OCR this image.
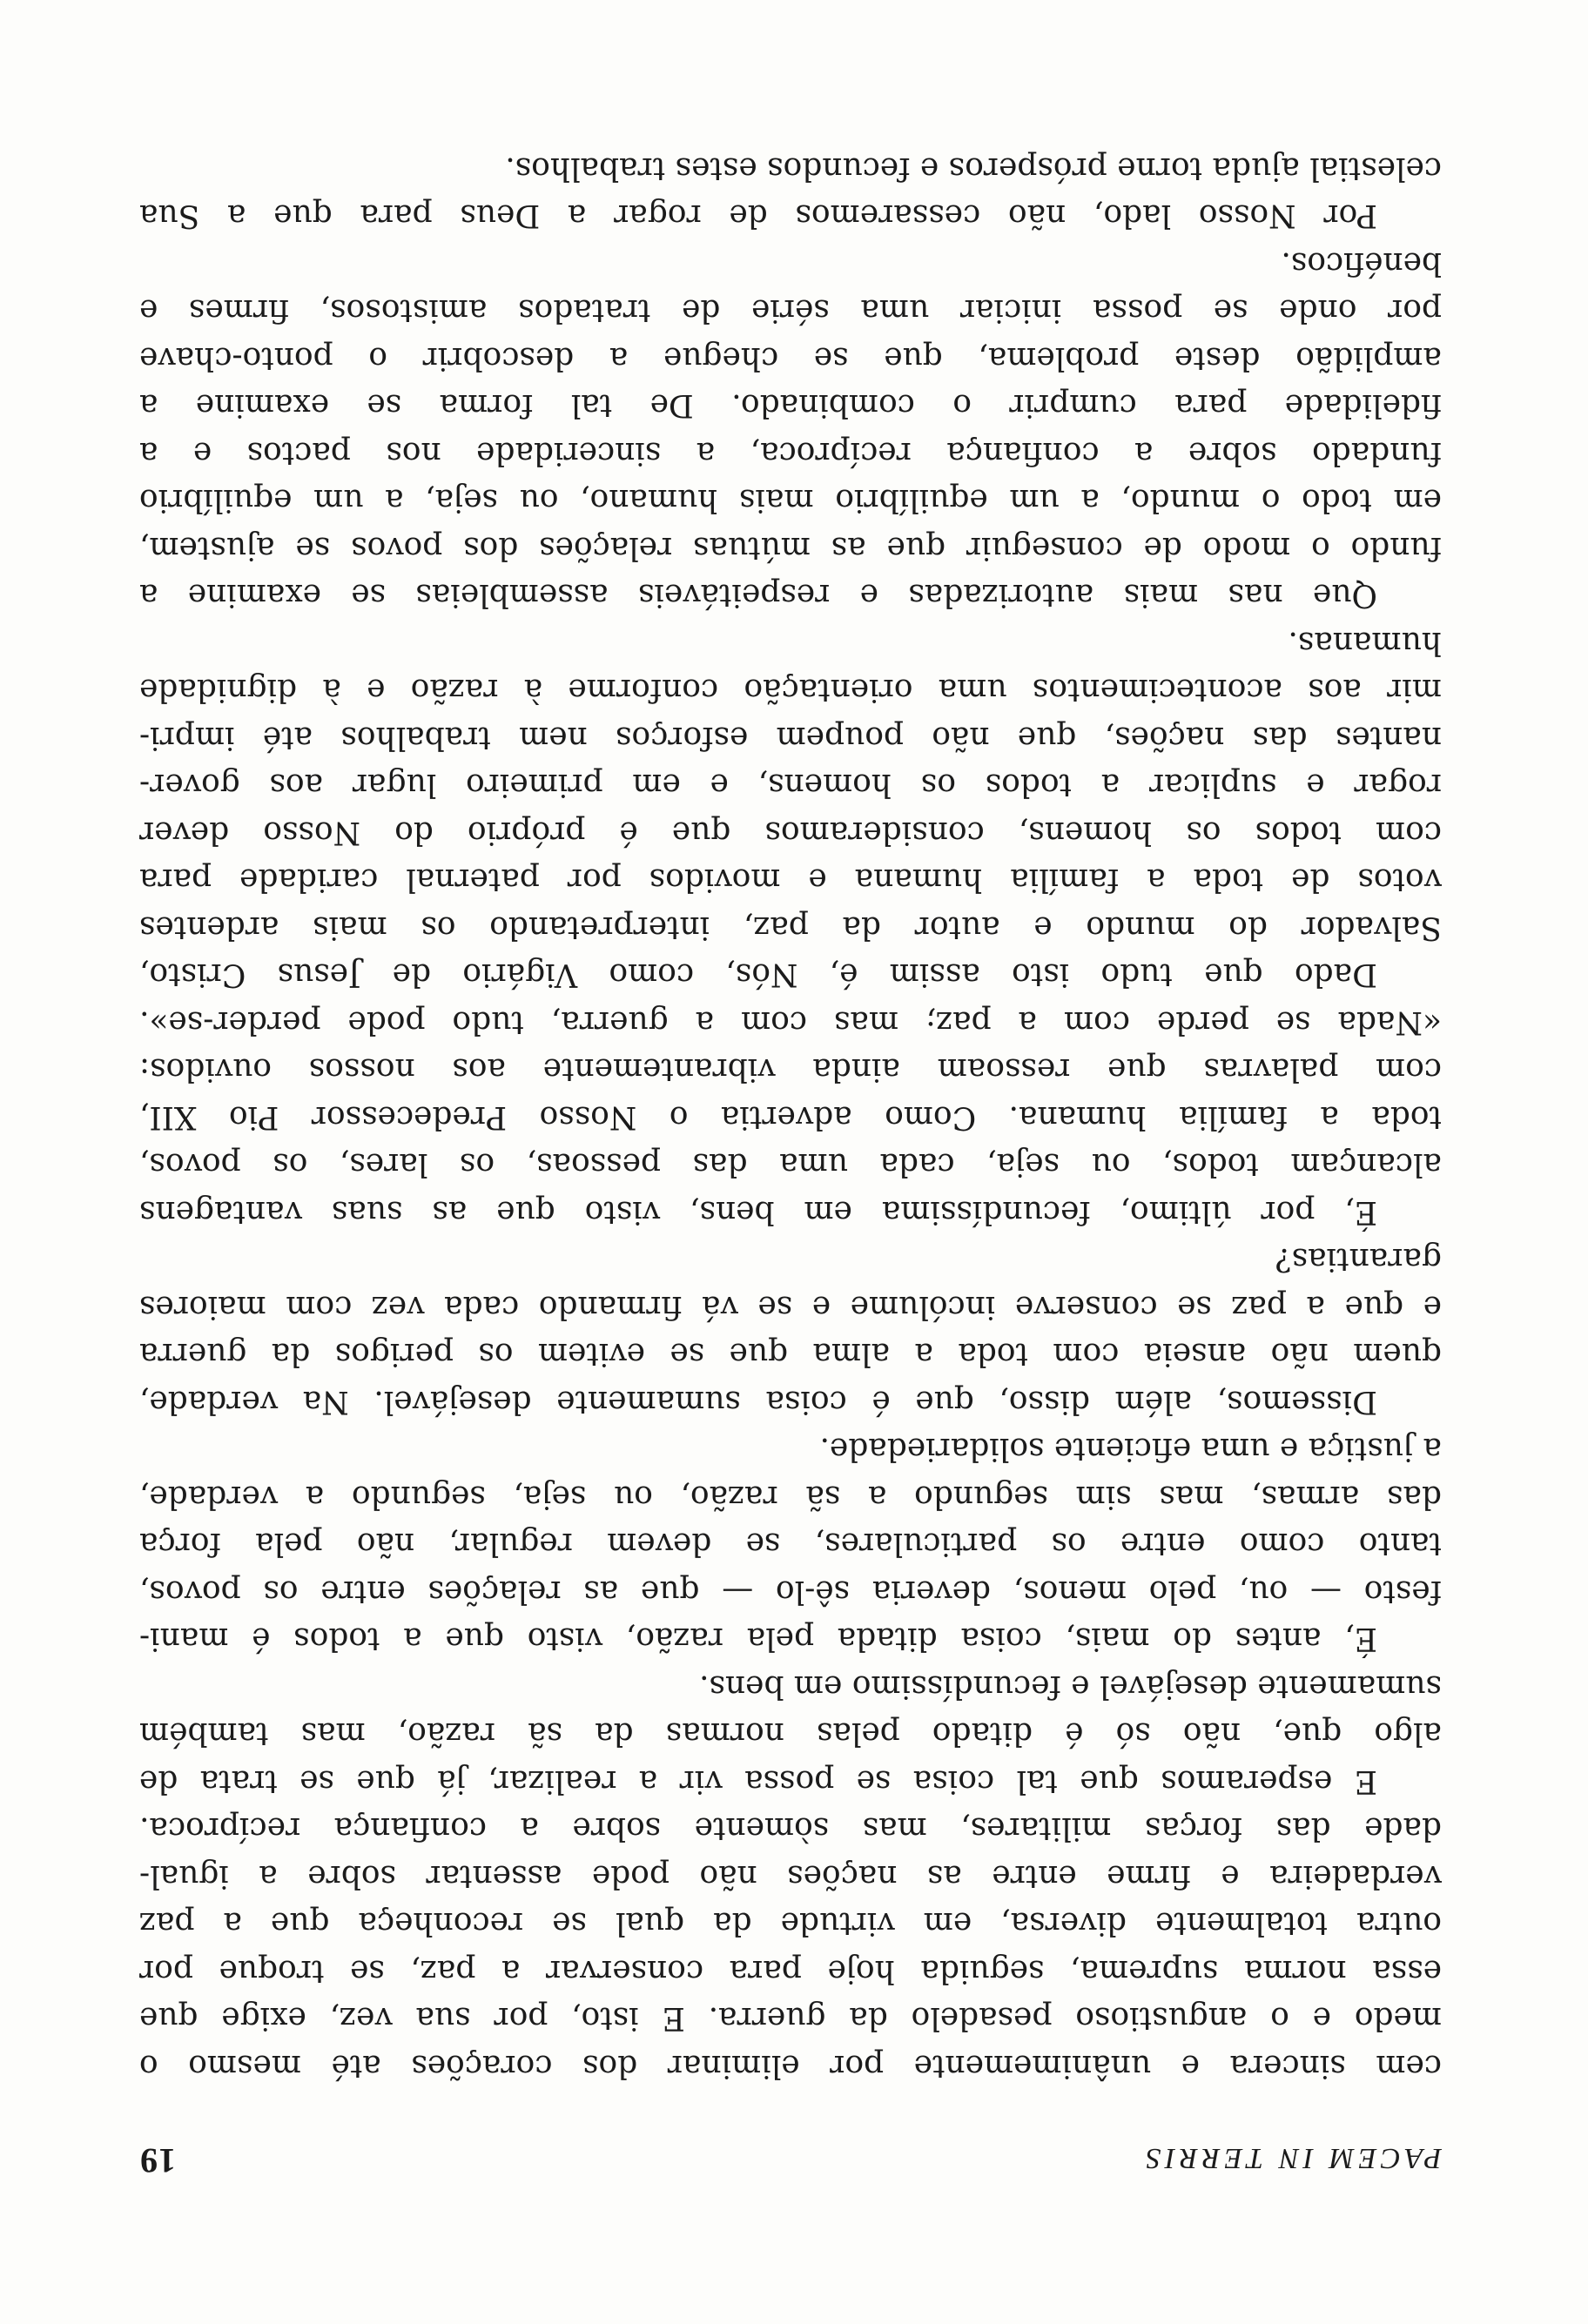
PACEM IN TERRIS
19
cem sincera e unânimemente por eliminar dos corações até mesmo o
medo e o angustioso pesadelo da guerra. E isto, por sua vez, exige que
essa norma suprema, seguida hoje para conservar a paz, se troque por
outra totalmente diversa, em virtude da qual se reconheça que a paz
verdadeira e firme entre as nações não pode assentar sobre a igual-
dade das forças militares, mas sòmente sobre a confiança recíproca.
E esperamos que tal coisa se possa vir a realizar, já que se trata de
algo que, não só é ditado pelas normas da sã razão, mas também
sumamente desejável e fecundíssimo em bens.
É, antes do mais, coisa ditada pela razão, visto que a todos é mani-
festo — ou, pelo menos, deveria sê-lo — que as relações entre os povos,
tanto como entre os particulares, se devem regular, não pela força
das armas, mas sim segundo a sã razão, ou seja, segundo a verdade,
a justiça e uma eficiente solidariedade.
Dissemos, além disso, que é coisa sumamente desejável. Na verdade,
quem não anseia com toda a alma que se evitem os perigos da guerra
e que a paz se conserve incólume e se vá firmando cada vez com maiores
garantias?
É, por último, fecundíssima em bens, visto que as suas vantagens
alcançam todos, ou seja, cada uma das pessoas, os lares, os povos,
toda a família humana. Como advertia o Nosso Predecessor Pio XII,
com palavras que ressoam ainda vibrantemente aos nossos ouvidos:
«Nada se perde com a paz; mas com a guerra, tudo pode perder-se».
Dado que tudo isto assim é, Nós, como Vigário de Jesus Cristo,
Salvador do mundo e autor da paz, interpretando os mais ardentes
votos de toda a família humana e movidos por paternal caridade para
com todos os homens, consideramos que é próprio do Nosso dever
rogar e suplicar a todos os homens, e em primeiro lugar aos gover-
nantes das nações, que não poupem esforços nem trabalhos até impri-
mir aos acontecimentos uma orientação conforme à razão e à dignidade
humanas.
Que nas mais autorizadas e respeitáveis assembleias se examine a
fundo o modo de conseguir que as mútuas relações dos povos se ajustem,
em todo o mundo, a um equilíbrio mais humano, ou seja, a um equilíbrio
fundado sobre a confiança recíproca, a sinceridade nos pactos e a
fidelidade para cumprir o combinado. De tal forma se examine a
amplidão deste problema, que se chegue a descobrir o ponto-chave
por onde se possa iniciar uma série de tratados amistosos, firmes e
benéficos.
Por Nosso lado, não cessaremos de rogar a Deus para que a Sua
celestial ajuda torne prósperos e fecundos estes trabalhos.
